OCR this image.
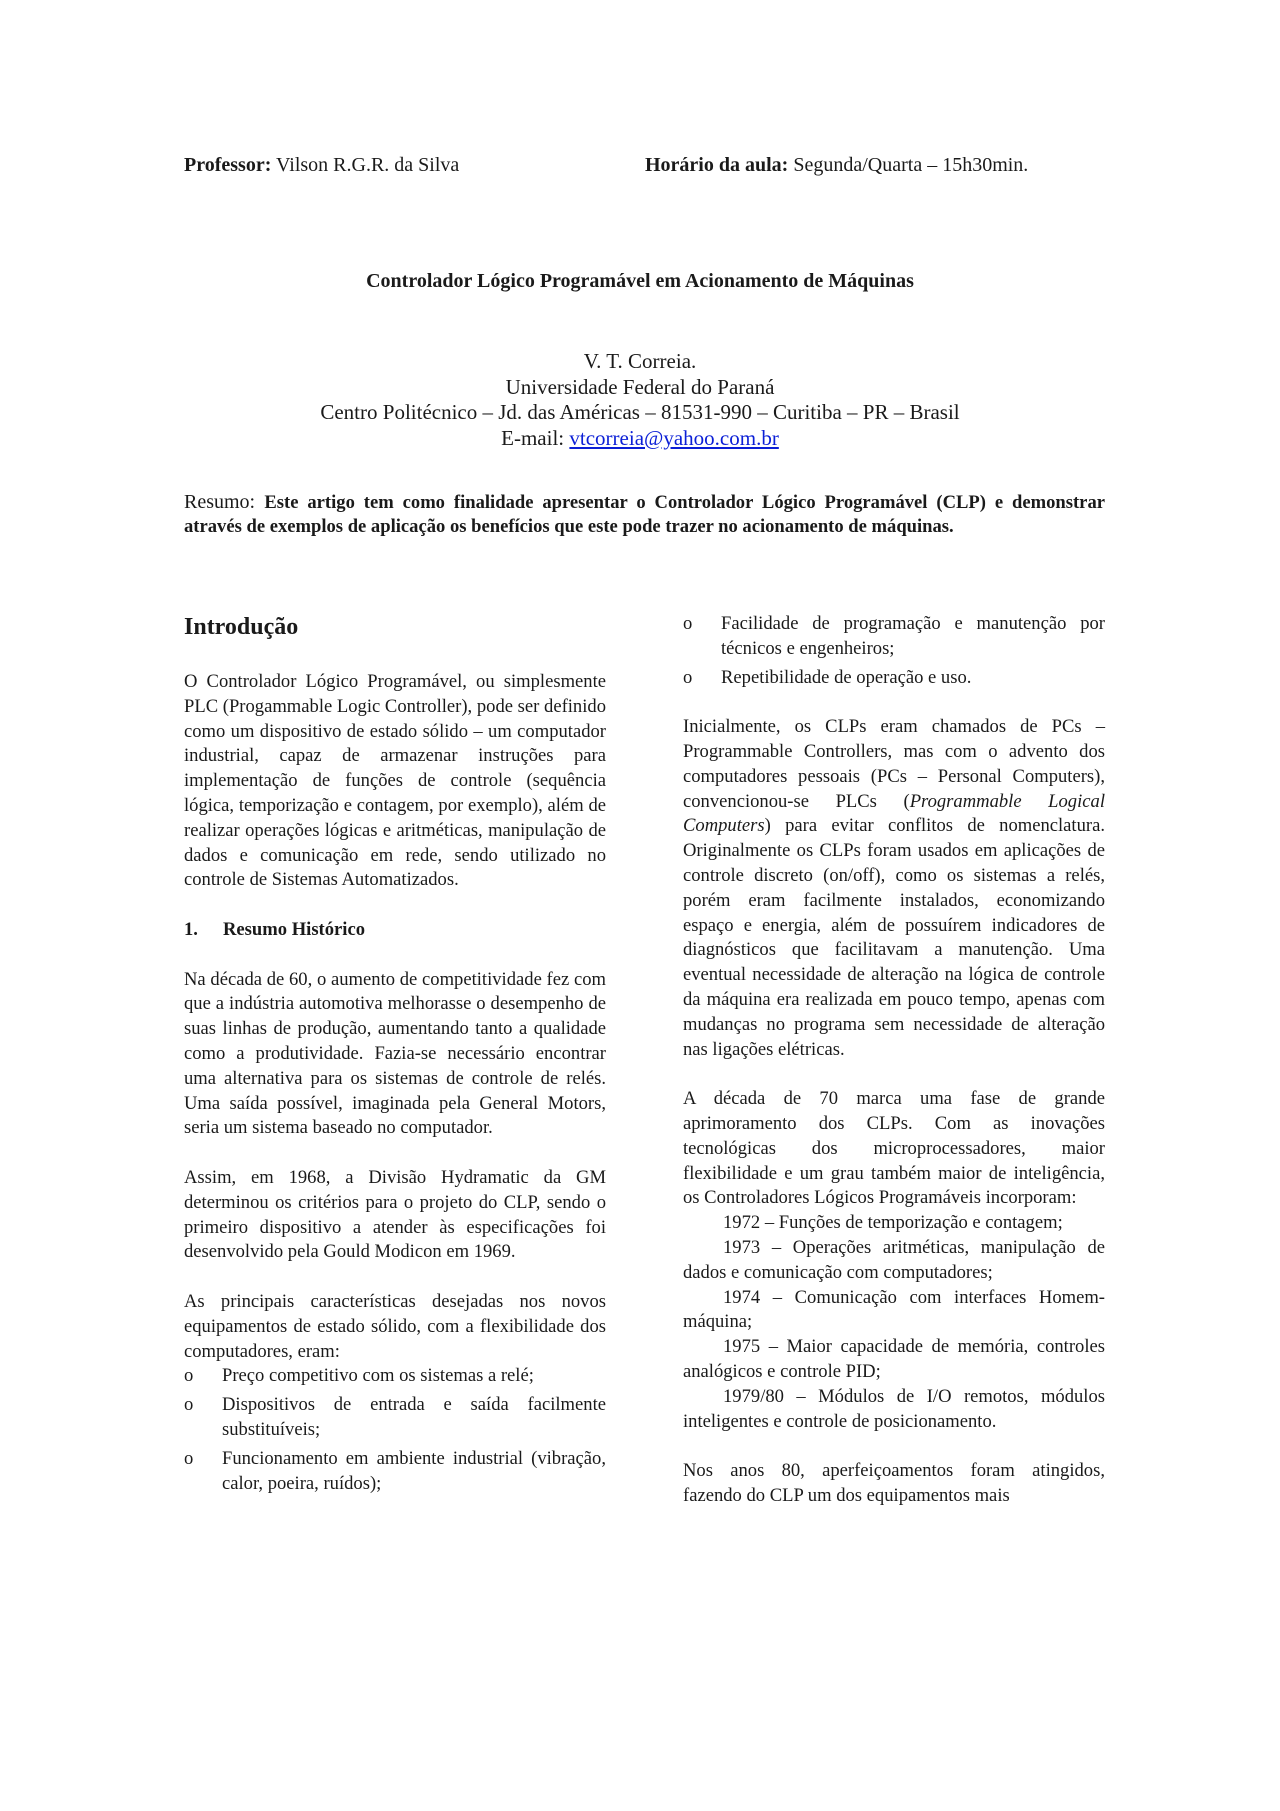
Professor: Vilson R.G.R. da Silva	Horário da aula: Segunda/Quarta – 15h30min.
Controlador Lógico Programável em Acionamento de Máquinas
V. T. Correia.
Universidade Federal do Paraná
Centro Politécnico – Jd. das Américas – 81531-990 – Curitiba – PR – Brasil
E-mail: vtcorreia@yahoo.com.br
Resumo: Este artigo tem como finalidade apresentar o Controlador Lógico Programável (CLP) e demonstrar através de exemplos de aplicação os benefícios que este pode trazer no acionamento de máquinas.
Introdução
O Controlador Lógico Programável, ou simplesmente PLC (Progammable Logic Controller), pode ser definido como um dispositivo de estado sólido – um computador industrial, capaz de armazenar instruções para implementação de funções de controle (sequência lógica, temporização e contagem, por exemplo), além de realizar operações lógicas e aritméticas, manipulação de dados e comunicação em rede, sendo utilizado no controle de Sistemas Automatizados.
1.	Resumo Histórico
Na década de 60, o aumento de competitividade fez com que a indústria automotiva melhorasse o desempenho de suas linhas de produção, aumentando tanto a qualidade como a produtividade. Fazia-se necessário encontrar uma alternativa para os sistemas de controle de relés. Uma saída possível, imaginada pela General Motors, seria um sistema baseado no computador.
Assim, em 1968, a Divisão Hydramatic da GM determinou os critérios para o projeto do CLP, sendo o primeiro dispositivo a atender às especificações foi desenvolvido pela Gould Modicon em 1969.
As principais características desejadas nos novos equipamentos de estado sólido, com a flexibilidade dos computadores, eram:
o	Preço competitivo com os sistemas a relé;
o	Dispositivos de entrada e saída facilmente substituíveis;
o	Funcionamento em ambiente industrial (vibração, calor, poeira, ruídos);
o	Facilidade de programação e manutenção por técnicos e engenheiros;
o	Repetibilidade de operação e uso.
Inicialmente, os CLPs eram chamados de PCs – Programmable Controllers, mas com o advento dos computadores pessoais (PCs – Personal Computers), convencionou-se PLCs (Programmable Logical Computers) para evitar conflitos de nomenclatura. Originalmente os CLPs foram usados em aplicações de controle discreto (on/off), como os sistemas a relés, porém eram facilmente instalados, economizando espaço e energia, além de possuírem indicadores de diagnósticos que facilitavam a manutenção. Uma eventual necessidade de alteração na lógica de controle da máquina era realizada em pouco tempo, apenas com mudanças no programa sem necessidade de alteração nas ligações elétricas.
A década de 70 marca uma fase de grande aprimoramento dos CLPs. Com as inovações tecnológicas dos microprocessadores, maior flexibilidade e um grau também maior de inteligência, os Controladores Lógicos Programáveis incorporam:
1972 – Funções de temporização e contagem;
1973 – Operações aritméticas, manipulação de dados e comunicação com computadores;
1974 – Comunicação com interfaces Homem-máquina;
1975 – Maior capacidade de memória, controles analógicos e controle PID;
1979/80 – Módulos de I/O remotos, módulos inteligentes e controle de posicionamento.
Nos anos 80, aperfeiçoamentos foram atingidos, fazendo do CLP um dos equipamentos mais
